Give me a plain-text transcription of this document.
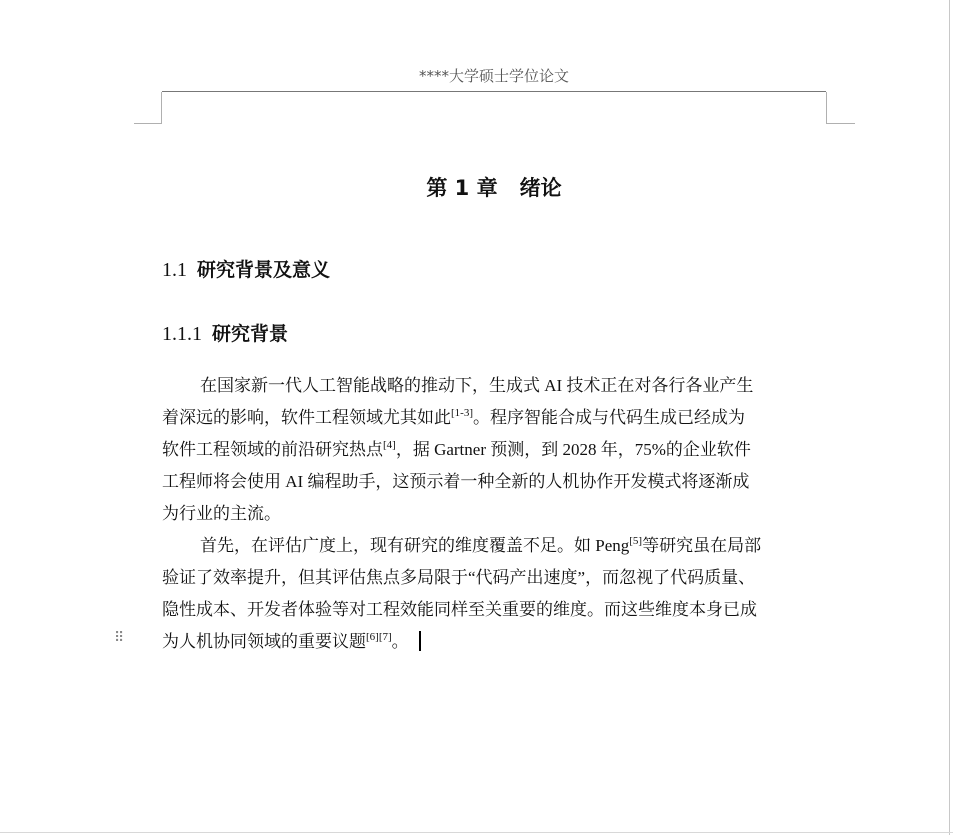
****大学硕士学位论文
第 1 章 绪论
1.1 研究背景及意义
1.1.1 研究背景

在国家新一代人工智能战略的推动下，生成式 AI 技术正在对各行各业产生
着深远的影响，软件工程领域尤其如此[1-3]。程序智能合成与代码生成已经成为
软件工程领域的前沿研究热点[4]，据 Gartner 预测，到 2028 年，75%的企业软件
工程师将会使用 AI 编程助手，这预示着一种全新的人机协作开发模式将逐渐成
为行业的主流。

首先，在评估广度上，现有研究的维度覆盖不足。如 Peng[5]等研究虽在局部
验证了效率提升，但其评估焦点多局限于“代码产出速度”，而忽视了代码质量、
隐性成本、开发者体验等对工程效能同样至关重要的维度。而这些维度本身已成
为人机协同领域的重要议题[6][7]。

⠿
